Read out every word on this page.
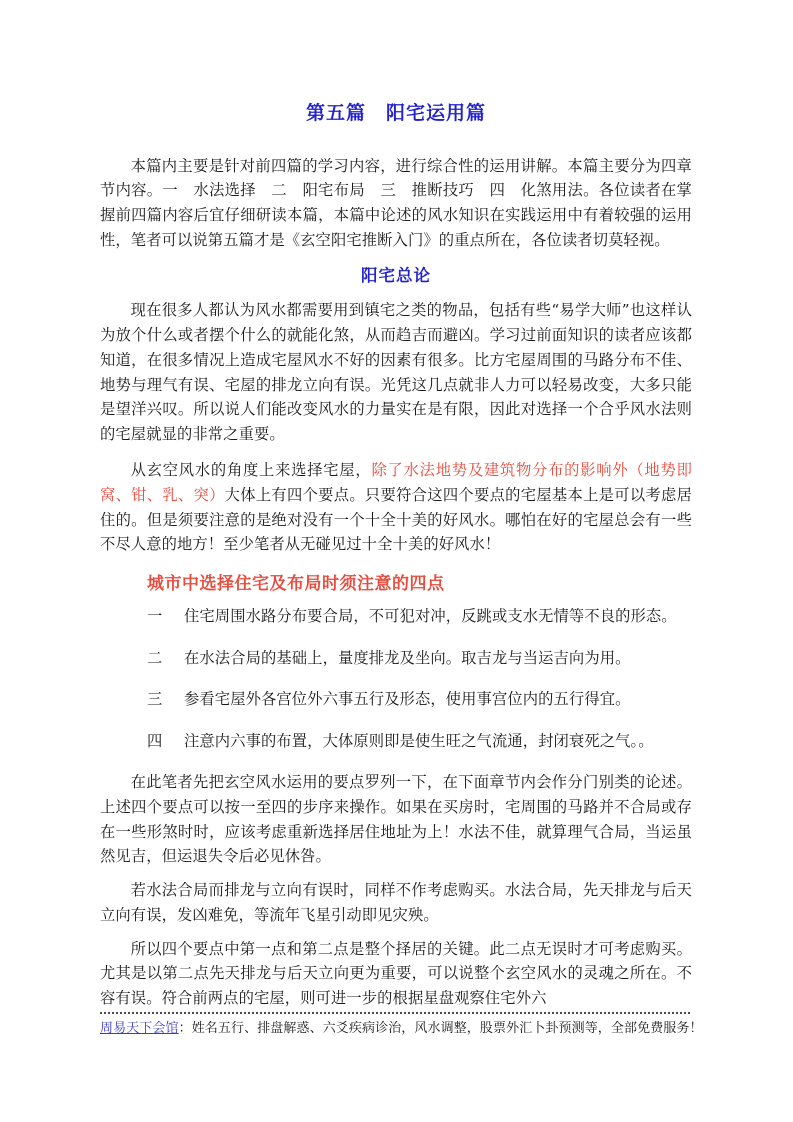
第五篇　阳宅运用篇

本篇内主要是针对前四篇的学习内容，进行综合性的运用讲解。本篇主要分为四章节内容。一　水法选择　二　阳宅布局　三　推断技巧　四　化煞用法。各位读者在掌握前四篇内容后宜仔细研读本篇，本篇中论述的风水知识在实践运用中有着较强的运用性，笔者可以说第五篇才是《玄空阳宅推断入门》的重点所在，各位读者切莫轻视。

阳宅总论

现在很多人都认为风水都需要用到镇宅之类的物品，包括有些“易学大师”也这样认为放个什么或者摆个什么的就能化煞，从而趋吉而避凶。学习过前面知识的读者应该都知道，在很多情况上造成宅屋风水不好的因素有很多。比方宅屋周围的马路分布不佳、地势与理气有误、宅屋的排龙立向有误。光凭这几点就非人力可以轻易改变，大多只能是望洋兴叹。所以说人们能改变风水的力量实在是有限，因此对选择一个合乎风水法则的宅屋就显的非常之重要。

从玄空风水的角度上来选择宅屋，除了水法地势及建筑物分布的影响外（地势即窝、钳、乳、突）大体上有四个要点。只要符合这四个要点的宅屋基本上是可以考虑居住的。但是须要注意的是绝对没有一个十全十美的好风水。哪怕在好的宅屋总会有一些不尽人意的地方！至少笔者从无碰见过十全十美的好风水！

城市中选择住宅及布局时须注意的四点
一 住宅周围水路分布要合局，不可犯对冲，反跳或支水无情等不良的形态。
二 在水法合局的基础上，量度排龙及坐向。取吉龙与当运吉向为用。
三 参看宅屋外各宫位外六事五行及形态，使用事宫位内的五行得宜。
四 注意内六事的布置，大体原则即是使生旺之气流通，封闭衰死之气。。

在此笔者先把玄空风水运用的要点罗列一下，在下面章节内会作分门别类的论述。上述四个要点可以按一至四的步序来操作。如果在买房时，宅周围的马路并不合局或存在一些形煞时时，应该考虑重新选择居住地址为上！水法不佳，就算理气合局，当运虽然见吉，但运退失令后必见休咎。

若水法合局而排龙与立向有误时，同样不作考虑购买。水法合局，先天排龙与后天立向有误，发凶难免，等流年飞星引动即见灾殃。

所以四个要点中第一点和第二点是整个择居的关键。此二点无误时才可考虑购买。尤其是以第二点先天排龙与后天立向更为重要，可以说整个玄空风水的灵魂之所在。不容有误。符合前两点的宅屋，则可进一步的根据星盘观察住宅外六

周易天下会馆：姓名五行、排盘解惑、六爻疾病诊治，风水调整，股票外汇卜卦预测等，全部免费服务！
